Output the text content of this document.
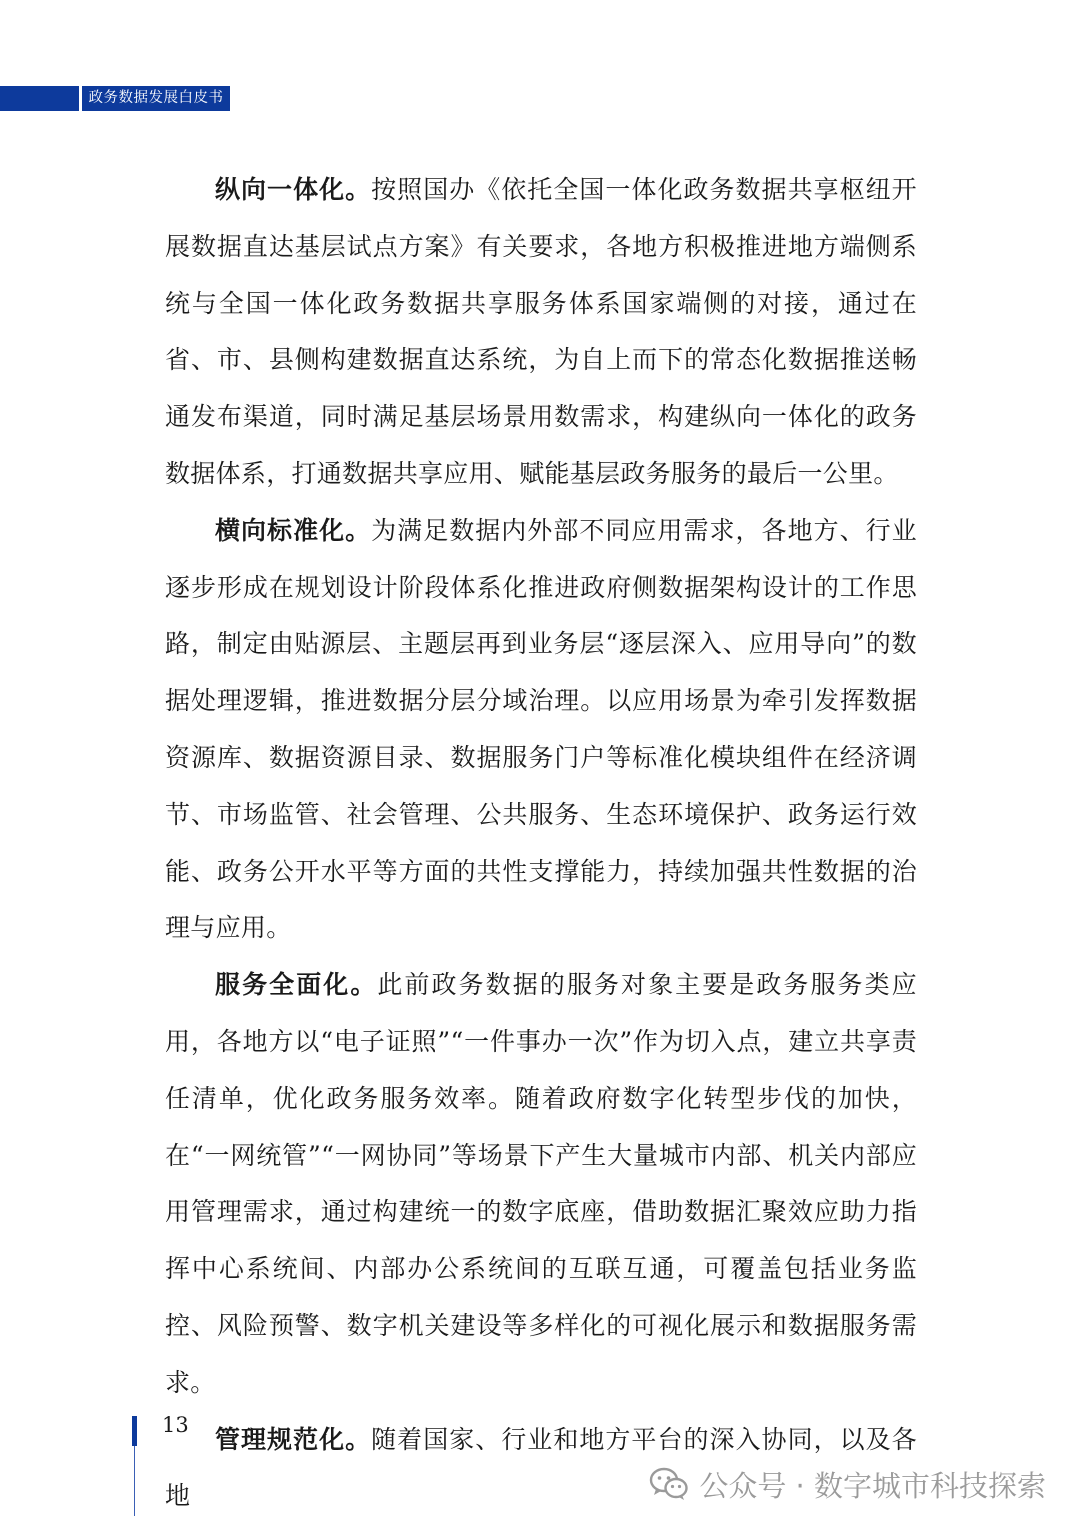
政务数据发展白皮书

纵向一体化。按照国办《依托全国一体化政务数据共享枢纽开展数据直达基层试点方案》有关要求，各地方积极推进地方端侧系统与全国一体化政务数据共享服务体系国家端侧的对接，通过在省、市、县侧构建数据直达系统，为自上而下的常态化数据推送畅通发布渠道，同时满足基层场景用数需求，构建纵向一体化的政务数据体系，打通数据共享应用、赋能基层政务服务的最后一公里。

横向标准化。为满足数据内外部不同应用需求，各地方、行业逐步形成在规划设计阶段体系化推进政府侧数据架构设计的工作思路，制定由贴源层、主题层再到业务层“逐层深入、应用导向”的数据处理逻辑，推进数据分层分域治理。以应用场景为牵引发挥数据资源库、数据资源目录、数据服务门户等标准化模块组件在经济调节、市场监管、社会管理、公共服务、生态环境保护、政务运行效能、政务公开水平等方面的共性支撑能力，持续加强共性数据的治理与应用。

服务全面化。此前政务数据的服务对象主要是政务服务类应用，各地方以“电子证照”“一件事办一次”作为切入点，建立共享责任清单，优化政务服务效率。随着政府数字化转型步伐的加快，在“一网统管”“一网协同”等场景下产生大量城市内部、机关内部应用管理需求，通过构建统一的数字底座，借助数据汇聚效应助力指挥中心系统间、内部办公系统间的互联互通，可覆盖包括业务监控、风险预警、数字机关建设等多样化的可视化展示和数据服务需求。

管理规范化。随着国家、行业和地方平台的深入协同，以及各地

13
公众号 · 数字城市科技探索
